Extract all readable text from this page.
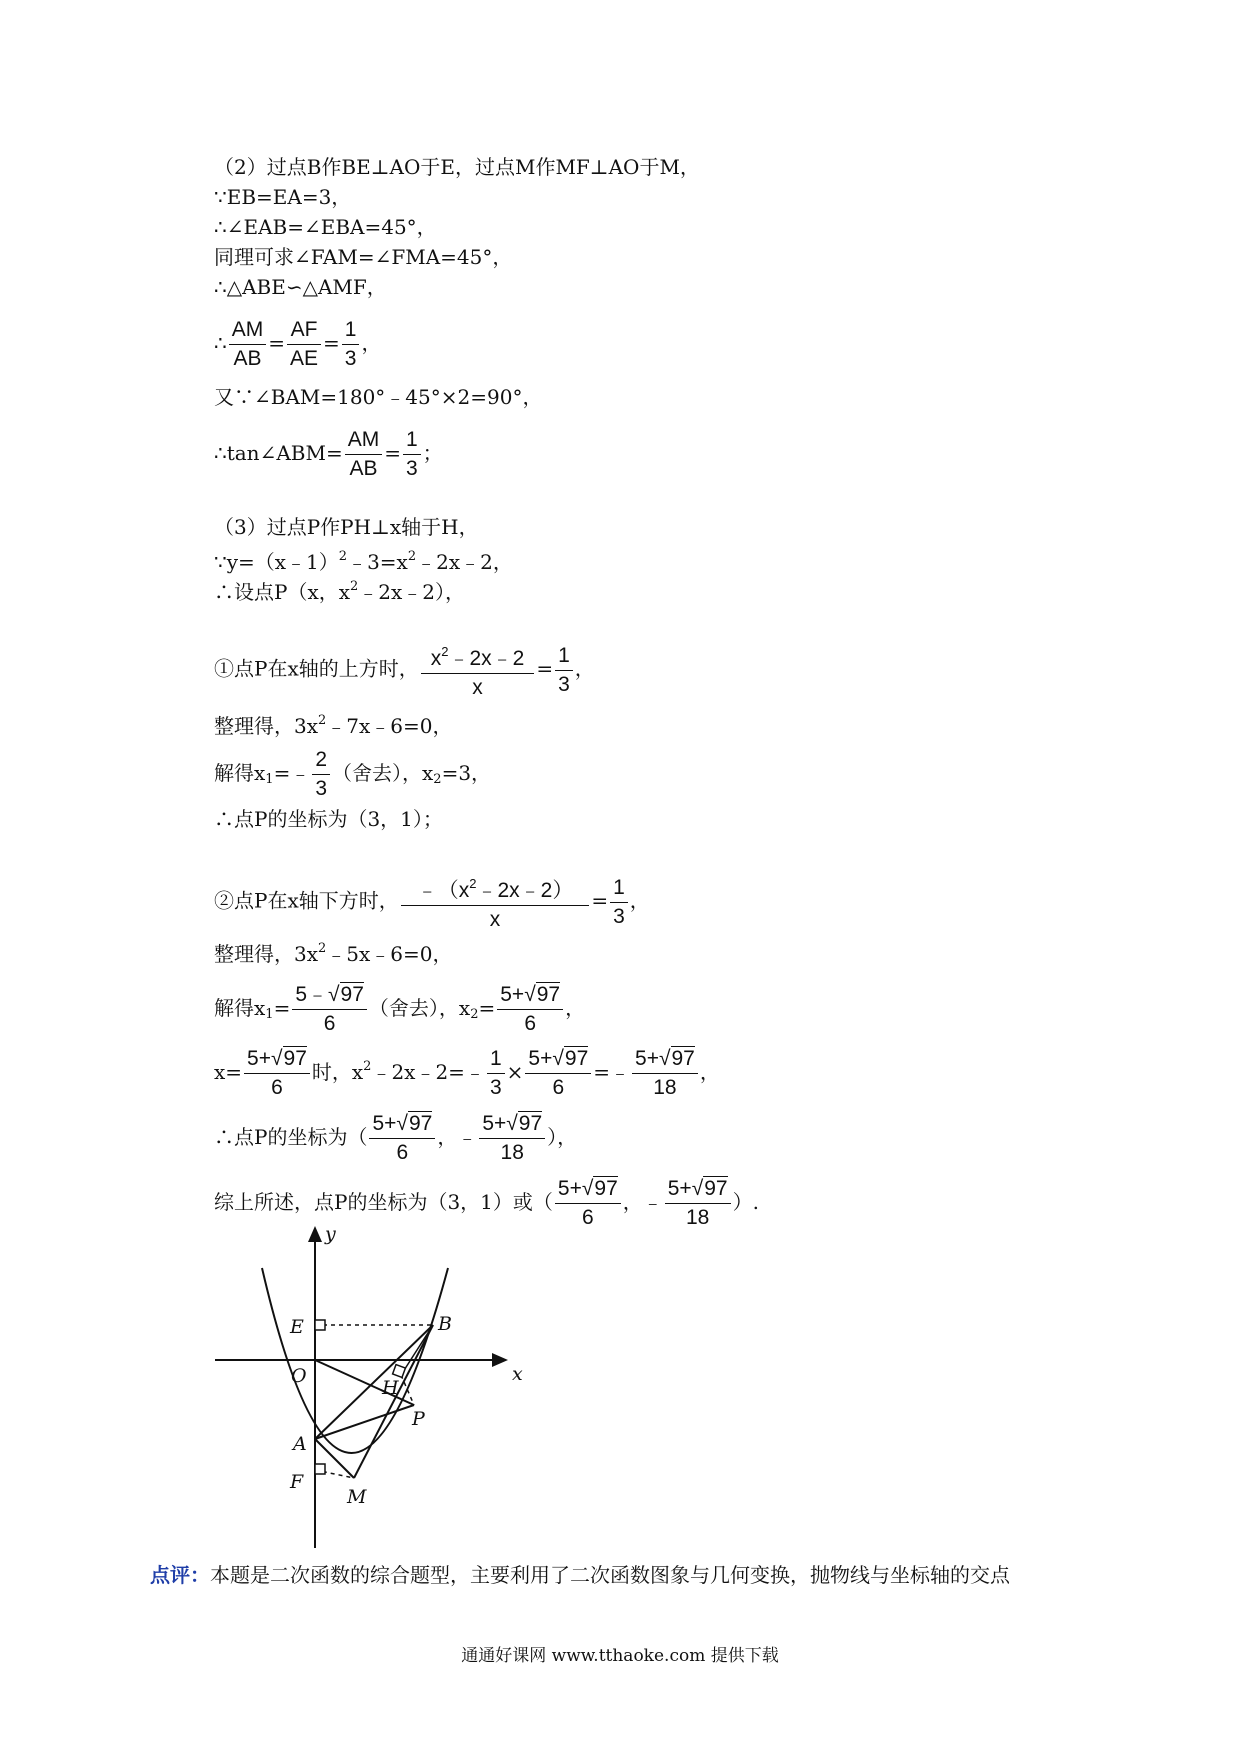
（2）过点B作BE⊥AO于E，过点M作MF⊥AO于M，
∵EB=EA=3，
∴∠EAB=∠EBA=45°，
同理可求∠FAM=∠FMA=45°，
∴△ABE∽△AMF，
∴ $\frac{AM}{AB} = \frac{AF}{AE} = \frac{1}{3}$ ，
又∵∠BAM=180°﹣45°×2=90°，
∴tan∠ABM= $\frac{AM}{AB} = \frac{1}{3}$ ；
（3）过点P作PH⊥x轴于H，
$\because y=(x﹣1)^2﹣3=x^2﹣2x﹣2$，
∴设点P（x，$x^2﹣2x﹣2$），
①点P在x轴的上方时， $\frac{x^2﹣2x﹣2}{x} = \frac{1}{3}$ ，
整理得，$3x^2﹣7x﹣6=0$，
解得$x_1=﹣ \frac{2}{3}$ （舍去），$x_2=3$，
∴点P的坐标为（3，1）；
②点P在x轴下方时， $\frac{﹣(x^2﹣2x﹣2)}{x} = \frac{1}{3}$ ，
整理得，$3x^2﹣5x﹣6=0$，
解得$x_1= \frac{5﹣√97}{6}$ （舍去），$x_2= \frac{5+√97}{6}$ ，
$x= \frac{5+√97}{6}$ 时，$x^2﹣2x﹣2=﹣ \frac{1}{3} \times \frac{5+√97}{6}$ =﹣ $\frac{5+√97}{18}$ ，
∴点P的坐标为（ $\frac{5+√97}{6}$ ，﹣ $\frac{5+√97}{18}$ ），
综上所述，点P的坐标为（3，1）或（ $\frac{5+√97}{6}$ ，﹣ $\frac{5+√97}{18}$ ）.
y
x
E	B
O
H
P
A
F
M
点评：本题是二次函数的综合题型，主要利用了二次函数图象与几何变换，抛物线与坐标轴的交点
通通好课网 www.tthaoke.com 提供下载
